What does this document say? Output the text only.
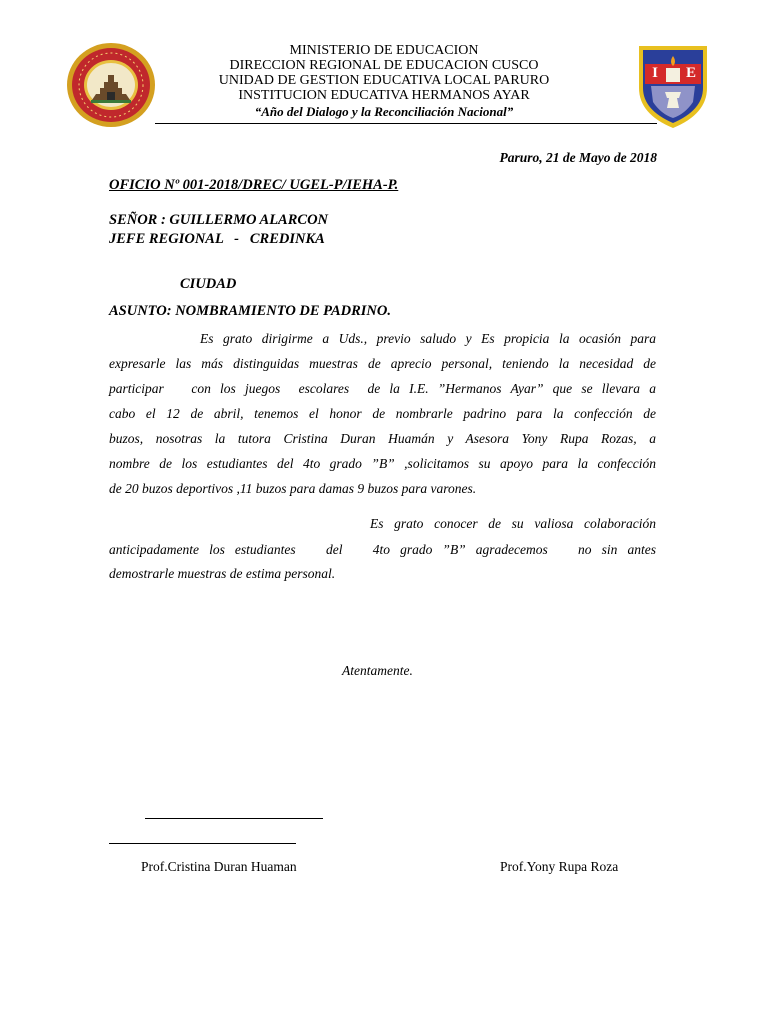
I E
MINISTERIO DE EDUCACION
DIRECCION REGIONAL DE EDUCACION CUSCO
UNIDAD DE GESTION EDUCATIVA LOCAL PARURO
INSTITUCION EDUCATIVA HERMANOS AYAR
“Año del Dialogo y la Reconciliación Nacional”
Paruro, 21 de Mayo de 2018
OFICIO Nº 001-2018/DREC/ UGEL-P/IEHA-P.
SEÑOR : GUILLERMO ALARCON
JEFE REGIONAL   -   CREDINKA
CIUDAD
ASUNTO: NOMBRAMIENTO DE PADRINO.
Es grato dirigirme a Uds., previo saludo y Es propicia la ocasión para
expresarle las más distinguidas muestras de aprecio personal, teniendo la necesidad de
participar   con los juegos  escolares  de la I.E. ”Hermanos Ayar” que se llevara a
cabo el 12 de abril, tenemos el honor de nombrarle padrino para la confección de
buzos, nosotras la tutora Cristina Duran Huamán y Asesora Yony Rupa Rozas, a
nombre de los estudiantes del 4to grado ”B” ,solicitamos su apoyo para la confección
de 20 buzos deportivos ,11 buzos para damas 9 buzos para varones.
Es grato conocer de su valiosa colaboración
anticipadamente los estudiantes   del   4to grado ”B” agradecemos   no sin antes
demostrarle muestras de estima personal.
Atentamente.
Prof.Cristina Duran Huaman	Prof.Yony Rupa Roza
